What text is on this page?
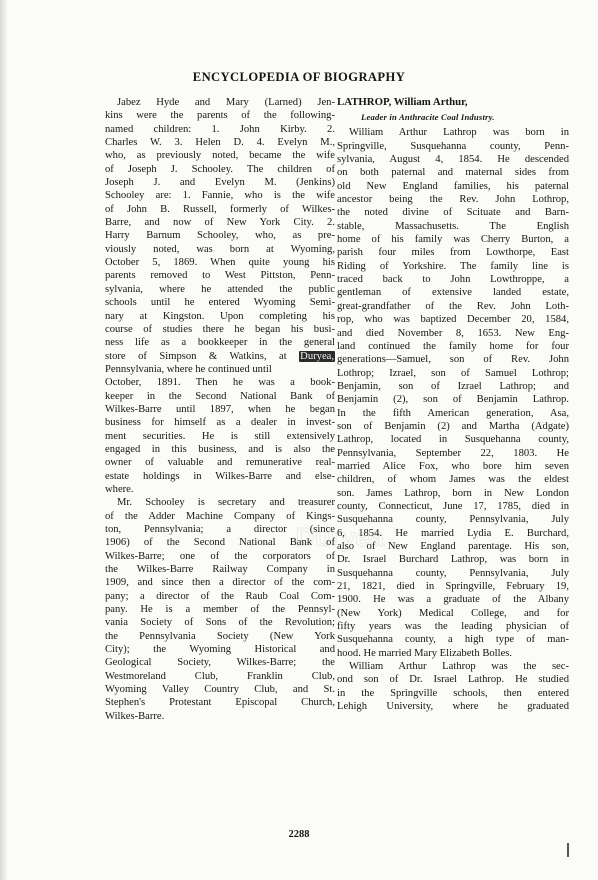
ENCYCLOPEDIA OF BIOGRAPHY
Jabez Hyde and Mary (Larned) Jen-
kins were the parents of the following-
named children: 1. John Kirby. 2.
Charles W. 3. Helen D. 4. Evelyn M.,
who, as previously noted, became the wife
of Joseph J. Schooley. The children of
Joseph J. and Evelyn M. (Jenkins)
Schooley are: 1. Fannie, who is the wife
of John B. Russell, formerly of Wilkes-
Barre, and now of New York City. 2.
Harry Barnum Schooley, who, as pre-
viously noted, was born at Wyoming,
October 5, 1869. When quite young his
parents removed to West Pittston, Penn-
sylvania, where he attended the public
schools until he entered Wyoming Semi-
nary at Kingston. Upon completing his
course of studies there he began his busi-
ness life as a bookkeeper in the general
store of Simpson & Watkins, at Duryea,
Pennsylvania, where he continued until
October, 1891. Then he was a book-
keeper in the Second National Bank of
Wilkes-Barre until 1897, when he began
business for himself as a dealer in invest-
ment securities. He is still extensively
engaged in this business, and is also the
owner of valuable and remunerative real-
estate holdings in Wilkes-Barre and else-
where.
Mr. Schooley is secretary and treasurer
of the Adder Machine Company of Kings-
ton, Pennsylvania; a director (since
1906) of the Second National Bank of
Wilkes-Barre; one of the corporators of
the Wilkes-Barre Railway Company in
1909, and since then a director of the com-
pany; a director of the Raub Coal Com-
pany. He is a member of the Pennsyl-
vania Society of Sons of the Revolution;
the Pennsylvania Society (New York
City); the Wyoming Historical and
Geological Society, Wilkes-Barre; the
Westmoreland Club, Franklin Club,
Wyoming Valley Country Club, and St.
Stephen's Protestant Episcopal Church,
Wilkes-Barre.
LATHROP, William Arthur,
Leader in Anthracite Coal Industry.
William Arthur Lathrop was born in
Springville, Susquehanna county, Penn-
sylvania, August 4, 1854. He descended
on both paternal and maternal sides from
old New England families, his paternal
ancestor being the Rev. John Lothrop,
the noted divine of Scituate and Barn-
stable, Massachusetts. The English
home of his family was Cherry Burton, a
parish four miles from Lowthorpe, East
Riding of Yorkshire. The family line is
traced back to John Lowthroppe, a
gentleman of extensive landed estate,
great-grandfather of the Rev. John Loth-
rop, who was baptized December 20, 1584,
and died November 8, 1653. New Eng-
land continued the family home for four
generations—Samuel, son of Rev. John
Lothrop; Izrael, son of Samuel Lothrop;
Benjamin, son of Izrael Lathrop; and
Benjamin (2), son of Benjamin Lathrop.
In the fifth American generation, Asa,
son of Benjamin (2) and Martha (Adgate)
Lathrop, located in Susquehanna county,
Pennsylvania, September 22, 1803. He
married Alice Fox, who bore him seven
children, of whom James was the eldest
son. James Lathrop, born in New London
county, Connecticut, June 17, 1785, died in
Susquehanna county, Pennsylvania, July
6, 1854. He married Lydia E. Burchard,
also of New England parentage. His son,
Dr. Israel Burchard Lathrop, was born in
Susquehanna county, Pennsylvania, July
21, 1821, died in Springville, February 19,
1900. He was a graduate of the Albany
(New York) Medical College, and for
fifty years was the leading physician of
Susquehanna county, a high type of man-
hood. He married Mary Elizabeth Bolles.
William Arthur Lathrop was the sec-
ond son of Dr. Israel Lathrop. He studied
in the Springville schools, then entered
Lehigh University, where he graduated
Duryea
2288
